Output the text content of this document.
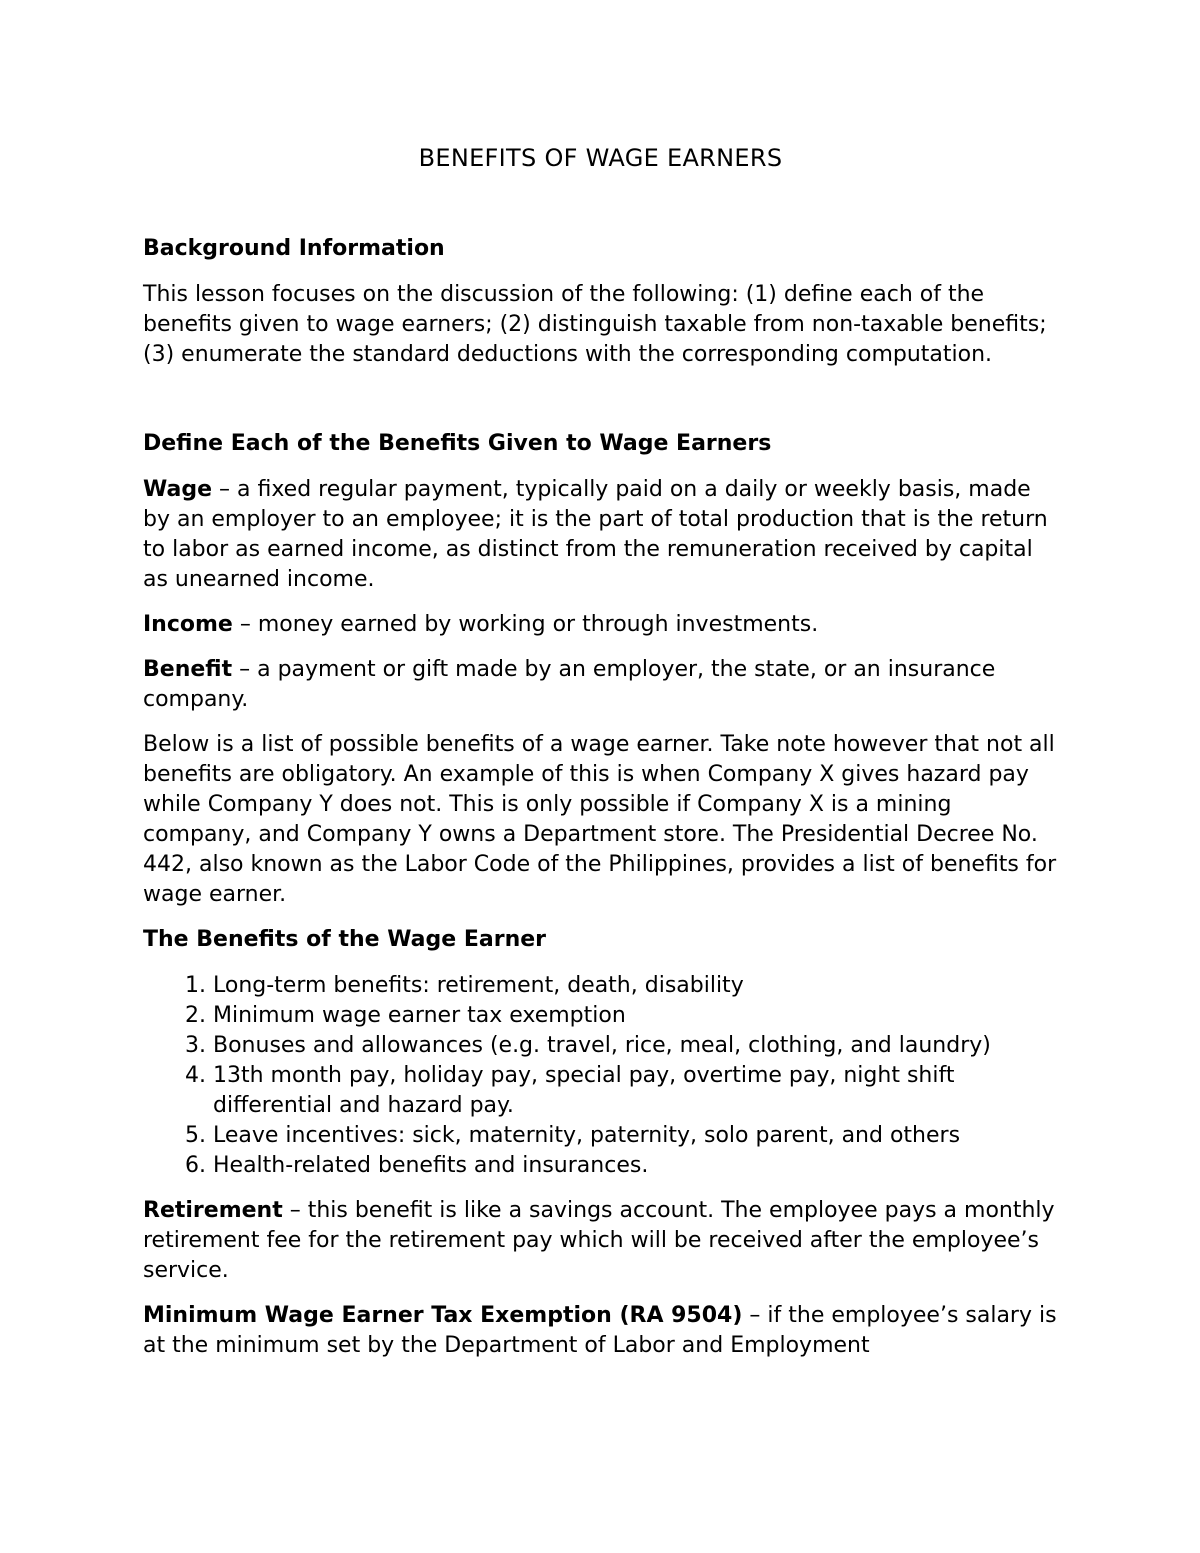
BENEFITS OF WAGE EARNERS
Background Information

This lesson focuses on the discussion of the following: (1) define each of the benefits given to wage earners; (2) distinguish taxable from non-taxable benefits; (3) enumerate the standard deductions with the corresponding computation.

Define Each of the Benefits Given to Wage Earners

Wage – a fixed regular payment, typically paid on a daily or weekly basis, made by an employer to an employee; it is the part of total production that is the return to labor as earned income, as distinct from the remuneration received by capital as unearned income.

Income – money earned by working or through investments.

Benefit – a payment or gift made by an employer, the state, or an insurance company.

Below is a list of possible benefits of a wage earner. Take note however that not all benefits are obligatory. An example of this is when Company X gives hazard pay while Company Y does not. This is only possible if Company X is a mining company, and Company Y owns a Department store. The Presidential Decree No. 442, also known as the Labor Code of the Philippines, provides a list of benefits for wage earner.

The Benefits of the Wage Earner
1. Long-term benefits: retirement, death, disability
2. Minimum wage earner tax exemption
3. Bonuses and allowances (e.g. travel, rice, meal, clothing, and laundry)
4. 13th month pay, holiday pay, special pay, overtime pay, night shift differential and hazard pay.
5. Leave incentives: sick, maternity, paternity, solo parent, and others
6. Health-related benefits and insurances.

Retirement – this benefit is like a savings account. The employee pays a monthly retirement fee for the retirement pay which will be received after the employee’s service.

Minimum Wage Earner Tax Exemption (RA 9504) – if the employee’s salary is at the minimum set by the Department of Labor and Employment
